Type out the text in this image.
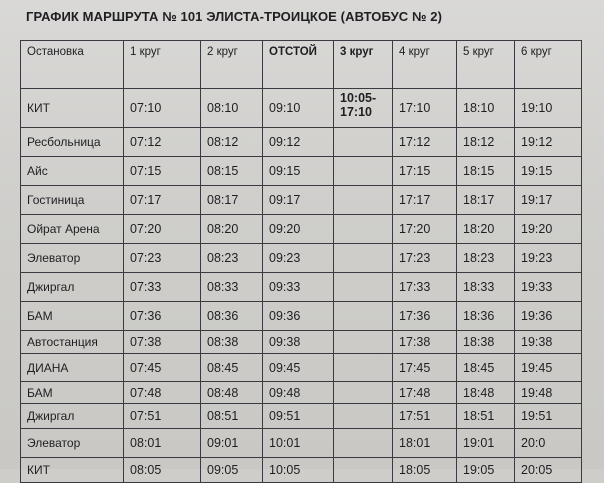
ГРАФИК МАРШРУТА № 101 ЭЛИСТА-ТРОИЦКОЕ (АВТОБУС № 2)
Остановка	1 круг	2 круг	ОТСТОЙ	3 круг	4 круг	5 круг	6 круг
КИТ	07:10	08:10	09:10	10:05-17:10	17:10	18:10	19:10
Ресбольница	07:12	08:12	09:12		17:12	18:12	19:12
Айс	07:15	08:15	09:15		17:15	18:15	19:15
Гостиница	07:17	08:17	09:17		17:17	18:17	19:17
Ойрат Арена	07:20	08:20	09:20		17:20	18:20	19:20
Элеватор	07:23	08:23	09:23		17:23	18:23	19:23
Джиргал	07:33	08:33	09:33		17:33	18:33	19:33
БАМ	07:36	08:36	09:36		17:36	18:36	19:36
Автостанция	07:38	08:38	09:38		17:38	18:38	19:38
ДИАНА	07:45	08:45	09:45		17:45	18:45	19:45
БАМ	07:48	08:48	09:48		17:48	18:48	19:48
Джиргал	07:51	08:51	09:51		17:51	18:51	19:51
Элеватор	08:01	09:01	10:01		18:01	19:01	20:0
КИТ	08:05	09:05	10:05		18:05	19:05	20:05
